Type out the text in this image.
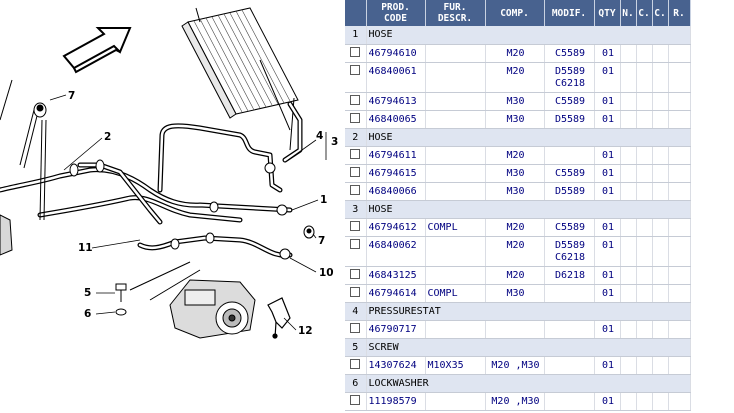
7
2	4 3
1
7
11
5
6
10
12
	PROD.
CODE	FUR.
DESCR.	COMP.	MODIF.	QTY	N.	C.	C.	R.
1	HOSE								
	46794610		M20	C5589	01				
	46840061		M20	D5589
C6218	01				
	46794613		M30	C5589	01				
	46840065		M30	D5589	01				
2	HOSE								
	46794611		M20		01				
	46794615		M30	C5589	01				
	46840066		M30	D5589	01				
3	HOSE								
	46794612	COMPL	M20	C5589	01				
	46840062		M20	D5589
C6218	01				
	46843125		M20	D6218	01				
	46794614	COMPL	M30		01				
4	PRESSURESTAT								
	46790717				01				
5	SCREW								
	14307624	M10X35	M20 ,M30		01				
6	LOCKWASHER								
	11198579		M20 ,M30		01				
